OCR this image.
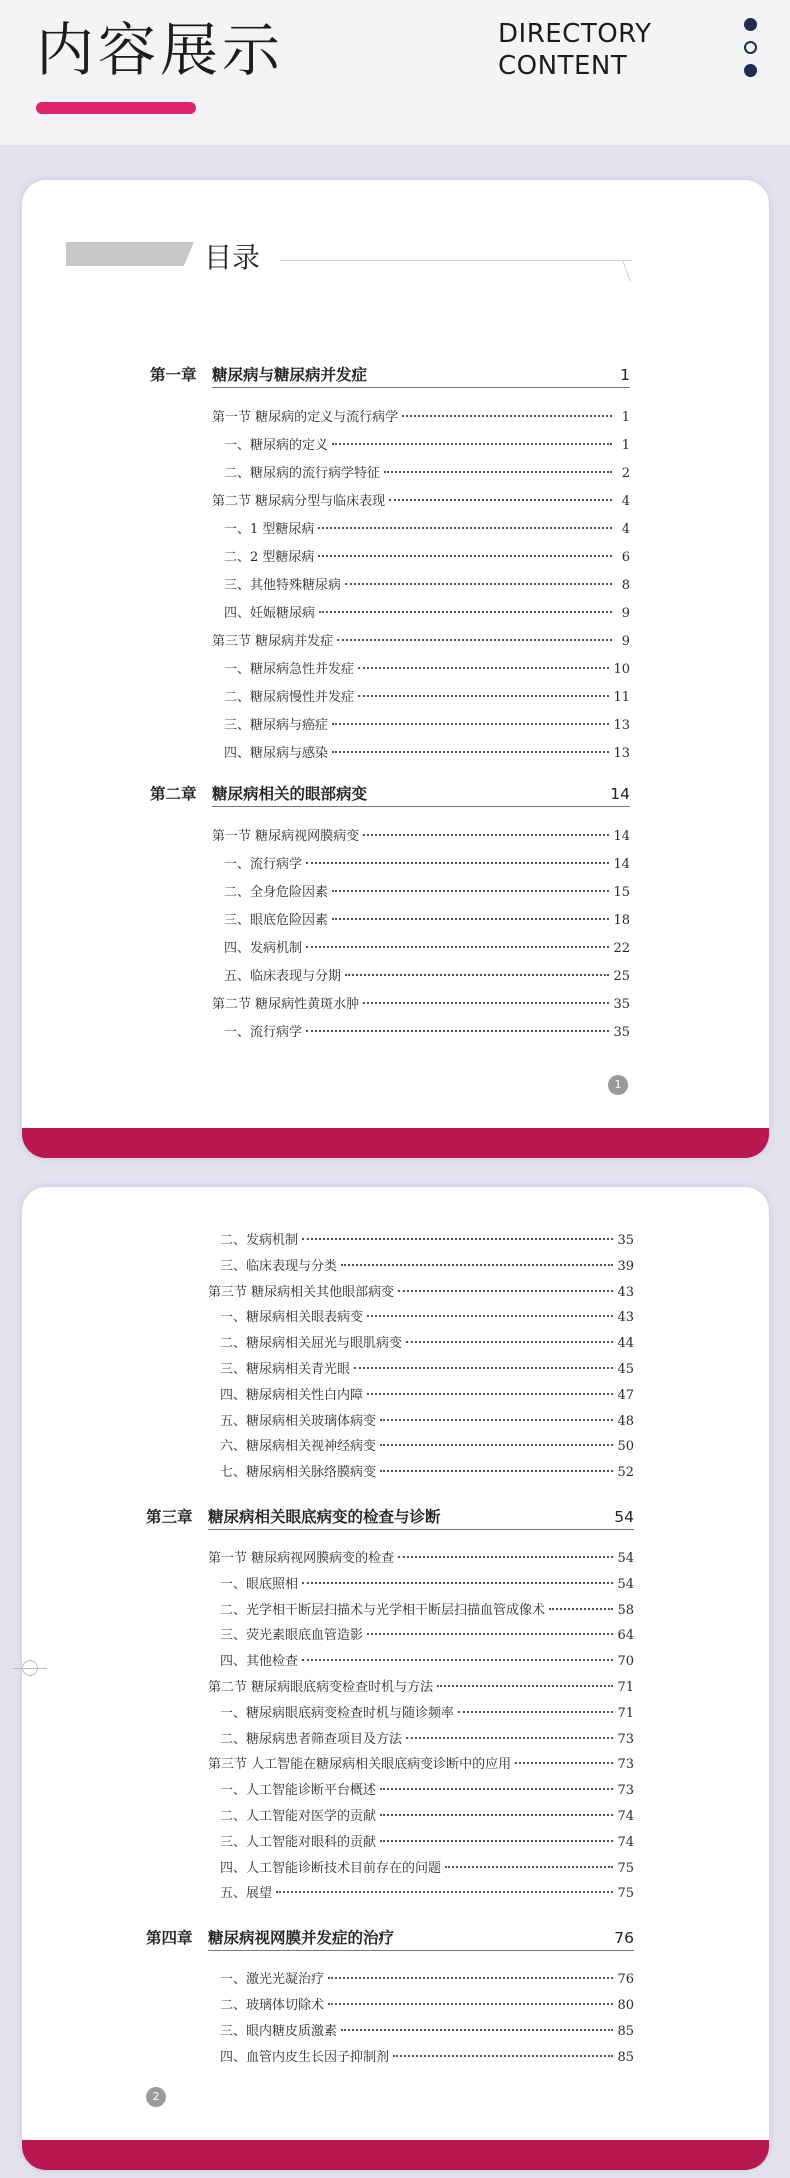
内容展示	DIRECTORY
CONTENT
目录
第一章 糖尿病与糖尿病并发症	1
第一节 糖尿病的定义与流行病学	1
一、糖尿病的定义	1
二、糖尿病的流行病学特征	2
第二节 糖尿病分型与临床表现	4
一、1 型糖尿病	4
二、2 型糖尿病	6
三、其他特殊糖尿病	8
四、妊娠糖尿病	9
第三节 糖尿病并发症	9
一、糖尿病急性并发症	10
二、糖尿病慢性并发症	11
三、糖尿病与癌症	13
四、糖尿病与感染	13
第二章 糖尿病相关的眼部病变	14
第一节 糖尿病视网膜病变	14
一、流行病学	14
二、全身危险因素	15
三、眼底危险因素	18
四、发病机制	22
五、临床表现与分期	25
第二节 糖尿病性黄斑水肿	35
一、流行病学	35
1
二、发病机制	35
三、临床表现与分类	39
第三节 糖尿病相关其他眼部病变	43
一、糖尿病相关眼表病变	43
二、糖尿病相关屈光与眼肌病变	44
三、糖尿病相关青光眼	45
四、糖尿病相关性白内障	47
五、糖尿病相关玻璃体病变	48
六、糖尿病相关视神经病变	50
七、糖尿病相关脉络膜病变	52
第三章 糖尿病相关眼底病变的检查与诊断	54
第一节 糖尿病视网膜病变的检查	54
一、眼底照相	54
二、光学相干断层扫描术与光学相干断层扫描血管成像术	58
三、荧光素眼底血管造影	64
四、其他检查	70
第二节 糖尿病眼底病变检查时机与方法	71
一、糖尿病眼底病变检查时机与随诊频率	71
二、糖尿病患者筛查项目及方法	73
第三节 人工智能在糖尿病相关眼底病变诊断中的应用	73
一、人工智能诊断平台概述	73
二、人工智能对医学的贡献	74
三、人工智能对眼科的贡献	74
四、人工智能诊断技术目前存在的问题	75
五、展望	75
第四章 糖尿病视网膜并发症的治疗	76
一、激光光凝治疗	76
二、玻璃体切除术	80
三、眼内糖皮质激素	85
四、血管内皮生长因子抑制剂	85
2
